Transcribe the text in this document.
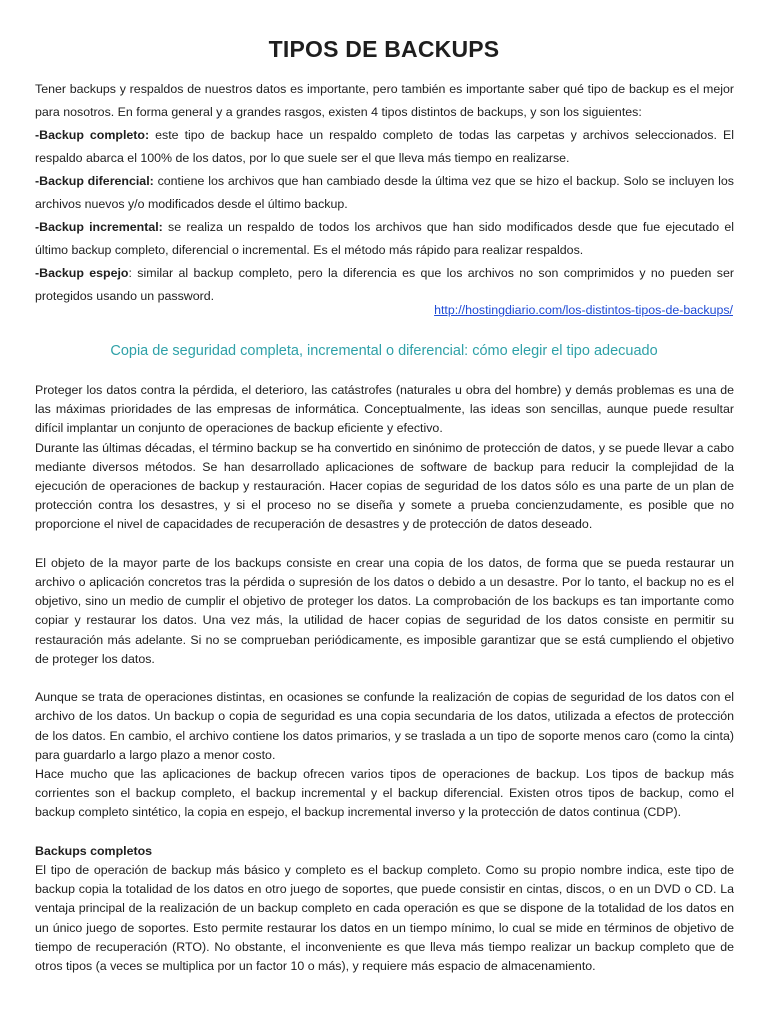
TIPOS DE BACKUPS

Tener backups y respaldos de nuestros datos es importante, pero también es importante saber qué tipo de backup es el mejor para nosotros. En forma general y a grandes rasgos, existen 4 tipos distintos de backups, y son los siguientes:

-Backup completo: este tipo de backup hace un respaldo completo de todas las carpetas y archivos seleccionados. El respaldo abarca el 100% de los datos, por lo que suele ser el que lleva más tiempo en realizarse.

-Backup diferencial: contiene los archivos que han cambiado desde la última vez que se hizo el backup. Solo se incluyen los archivos nuevos y/o modificados desde el último backup.

-Backup incremental: se realiza un respaldo de todos los archivos que han sido modificados desde que fue ejecutado el último backup completo, diferencial o incremental. Es el método más rápido para realizar respaldos.

-Backup espejo: similar al backup completo, pero la diferencia es que los archivos no son comprimidos y no pueden ser protegidos usando un password.

http://hostingdiario.com/los-distintos-tipos-de-backups/
Copia de seguridad completa, incremental o diferencial: cómo elegir el tipo adecuado

Proteger los datos contra la pérdida, el deterioro, las catástrofes (naturales u obra del hombre) y demás problemas es una de las máximas prioridades de las empresas de informática. Conceptualmente, las ideas son sencillas, aunque puede resultar difícil implantar un conjunto de operaciones de backup eficiente y efectivo.

Durante las últimas décadas, el término backup se ha convertido en sinónimo de protección de datos, y se puede llevar a cabo mediante diversos métodos. Se han desarrollado aplicaciones de software de backup para reducir la complejidad de la ejecución de operaciones de backup y restauración. Hacer copias de seguridad de los datos sólo es una parte de un plan de protección contra los desastres, y si el proceso no se diseña y somete a prueba concienzudamente, es posible que no proporcione el nivel de capacidades de recuperación de desastres y de protección de datos deseado.

El objeto de la mayor parte de los backups consiste en crear una copia de los datos, de forma que se pueda restaurar un archivo o aplicación concretos tras la pérdida o supresión de los datos o debido a un desastre. Por lo tanto, el backup no es el objetivo, sino un medio de cumplir el objetivo de proteger los datos. La comprobación de los backups es tan importante como copiar y restaurar los datos. Una vez más, la utilidad de hacer copias de seguridad de los datos consiste en permitir su restauración más adelante. Si no se comprueban periódicamente, es imposible garantizar que se está cumpliendo el objetivo de proteger los datos.

Aunque se trata de operaciones distintas, en ocasiones se confunde la realización de copias de seguridad de los datos con el archivo de los datos. Un backup o copia de seguridad es una copia secundaria de los datos, utilizada a efectos de protección de los datos. En cambio, el archivo contiene los datos primarios, y se traslada a un tipo de soporte menos caro (como la cinta) para guardarlo a largo plazo a menor costo.

Hace mucho que las aplicaciones de backup ofrecen varios tipos de operaciones de backup. Los tipos de backup más corrientes son el backup completo, el backup incremental y el backup diferencial. Existen otros tipos de backup, como el backup completo sintético, la copia en espejo, el backup incremental inverso y la protección de datos continua (CDP).

Backups completos

El tipo de operación de backup más básico y completo es el backup completo. Como su propio nombre indica, este tipo de backup copia la totalidad de los datos en otro juego de soportes, que puede consistir en cintas, discos, o en un DVD o CD. La ventaja principal de la realización de un backup completo en cada operación es que se dispone de la totalidad de los datos en un único juego de soportes. Esto permite restaurar los datos en un tiempo mínimo, lo cual se mide en términos de objetivo de tiempo de recuperación (RTO). No obstante, el inconveniente es que lleva más tiempo realizar un backup completo que de otros tipos (a veces se multiplica por un factor 10 o más), y requiere más espacio de almacenamiento.
